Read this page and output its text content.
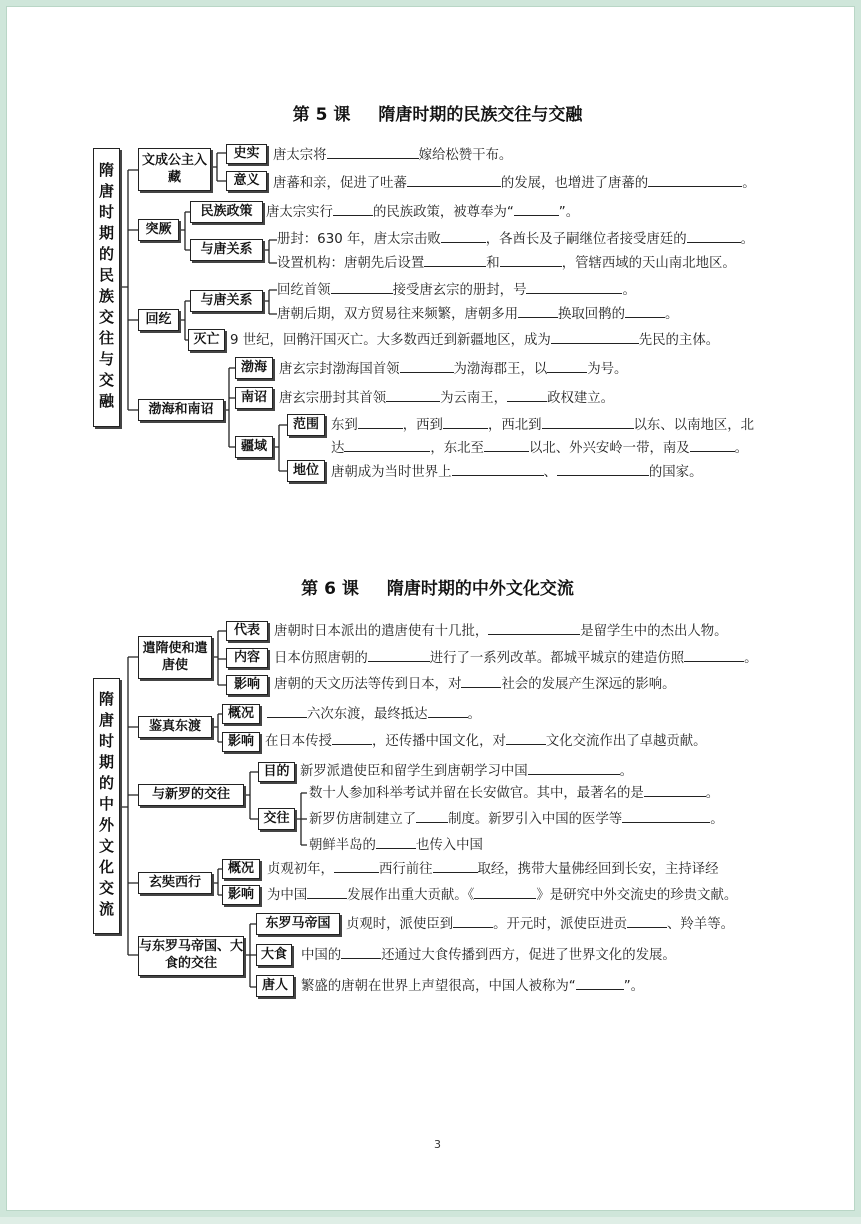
第 5 课 隋唐时期的民族交往与交融
隋唐时期的民族交往与交融
文成公主入藏
史实	唐太宗将	嫁给松赞干布。
意义	唐蕃和亲，促进了吐蕃	的发展，也增进了唐蕃的	。
突厥
民族政策	唐太宗实行	的民族政策，被尊奉为“	”。
与唐关系
册封：630 年，唐太宗击败	，各酋长及子嗣继位者接受唐廷的	。
设置机构：唐朝先后设置	和	，管辖西域的天山南北地区。
回纥
与唐关系
回纥首领	接受唐玄宗的册封，号	。
唐朝后期，双方贸易往来频繁，唐朝多用	换取回鹘的	。
灭亡 9 世纪，回鹘汗国灭亡。大多数西迁到新疆地区，成为	先民的主体。
渤海和南诏
渤海 唐玄宗封渤海国首领	为渤海郡王，以	为号。
南诏 唐玄宗册封其首领	为云南王，	政权建立。
疆域
范围 东到	，西到	，西北到	以东、以南地区，北
达	，东北至	以北、外兴安岭一带，南及	。
地位 唐朝成为当时世界上	、	的国家。
第 6 课 隋唐时期的中外文化交流
隋唐时期的中外文化交流
遣隋使和遣唐使
代表	唐朝时日本派出的遣唐使有十几批，	是留学生中的杰出人物。
内容	日本仿照唐朝的	进行了一系列改革。都城平城京的建造仿照	。
影响	唐朝的天文历法等传到日本，对	社会的发展产生深远的影响。
鉴真东渡
概况	六次东渡，最终抵达	。
影响 在日本传授	，还传播中国文化，对	文化交流作出了卓越贡献。
与新罗的交往
目的 新罗派遣使臣和留学生到唐朝学习中国	。
交往
数十人参加科举考试并留在长安做官。其中，最著名的是	。
新罗仿唐制建立了 制度。新罗引入中国的医学等	。
朝鲜半岛的	也传入中国
玄奘西行
概况 贞观初年，	西行前往	取经，携带大量佛经回到长安，主持译经
影响 为中国	发展作出重大贡献。《	》是研究中外交流史的珍贵文献。
与东罗马帝国、大食的交往
东罗马帝国	贞观时，派使臣到	。开元时，派使臣进贡	、羚羊等。
大食	中国的	还通过大食传播到西方，促进了世界文化的发展。
唐人 繁盛的唐朝在世界上声望很高，中国人被称为“	”。
3
